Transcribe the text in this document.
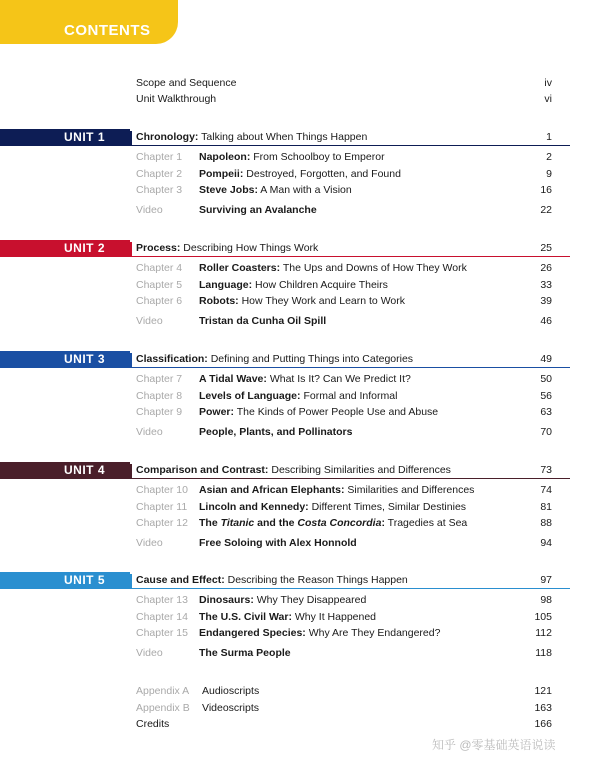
CONTENTS
Scope and Sequence	iv
Unit Walkthrough	vi
UNIT 1	Chronology: Talking about When Things Happen	1
Chapter 1 Napoleon: From Schoolboy to Emperor	2
Chapter 2 Pompeii: Destroyed, Forgotten, and Found	9
Chapter 3 Steve Jobs: A Man with a Vision	16
Video	Surviving an Avalanche	22
UNIT 2	Process: Describing How Things Work	25
Chapter 4 Roller Coasters: The Ups and Downs of How They Work	26
Chapter 5 Language: How Children Acquire Theirs	33
Chapter 6 Robots: How They Work and Learn to Work	39
Video	Tristan da Cunha Oil Spill	46
UNIT 3	Classification: Defining and Putting Things into Categories	49
Chapter 7 A Tidal Wave: What Is It? Can We Predict It?	50
Chapter 8 Levels of Language: Formal and Informal	56
Chapter 9 Power: The Kinds of Power People Use and Abuse	63
Video	People, Plants, and Pollinators	70
UNIT 4	Comparison and Contrast: Describing Similarities and Differences	73
Chapter 10 Asian and African Elephants: Similarities and Differences	74
Chapter 11 Lincoln and Kennedy: Different Times, Similar Destinies	81
Chapter 12 The Titanic and the Costa Concordia: Tragedies at Sea	88
Video	Free Soloing with Alex Honnold	94
UNIT 5	Cause and Effect: Describing the Reason Things Happen	97
Chapter 13 Dinosaurs: Why They Disappeared	98
Chapter 14 The U.S. Civil War: Why It Happened	105
Chapter 15 Endangered Species: Why Are They Endangered?	112
Video	The Surma People	118
Appendix A Audioscripts	121
Appendix B Videoscripts	163
Credits	166
知乎 @零基础英语说读
